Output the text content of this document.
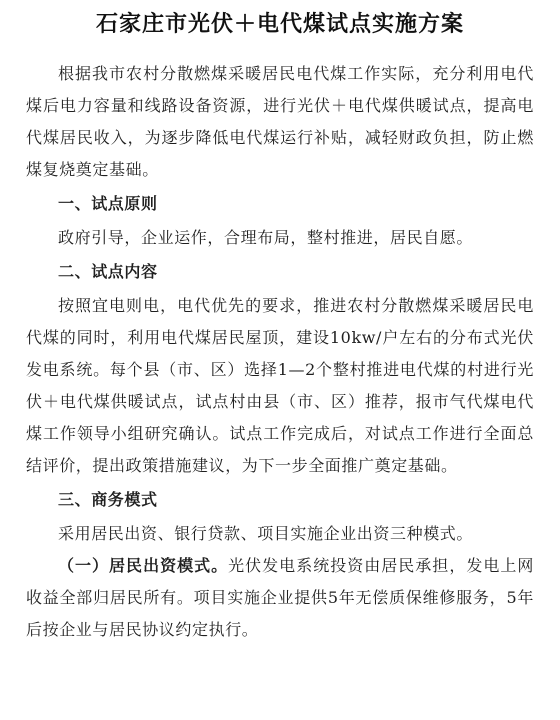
石家庄市光伏＋电代煤试点实施方案

根据我市农村分散燃煤采暖居民电代煤工作实际，充分利用电代煤后电力容量和线路设备资源，进行光伏＋电代煤供暖试点，提高电代煤居民收入，为逐步降低电代煤运行补贴，减轻财政负担，防止燃煤复烧奠定基础。

一、试点原则

政府引导，企业运作，合理布局，整村推进，居民自愿。

二、试点内容

按照宜电则电，电代优先的要求，推进农村分散燃煤采暖居民电代煤的同时，利用电代煤居民屋顶，建设10kw/户左右的分布式光伏发电系统。每个县（市、区）选择1—2个整村推进电代煤的村进行光伏＋电代煤供暖试点，试点村由县（市、区）推荐，报市气代煤电代煤工作领导小组研究确认。试点工作完成后，对试点工作进行全面总结评价，提出政策措施建议，为下一步全面推广奠定基础。

三、商务模式

采用居民出资、银行贷款、项目实施企业出资三种模式。

（一）居民出资模式。光伏发电系统投资由居民承担，发电上网收益全部归居民所有。项目实施企业提供5年无偿质保维修服务，5年后按企业与居民协议约定执行。
